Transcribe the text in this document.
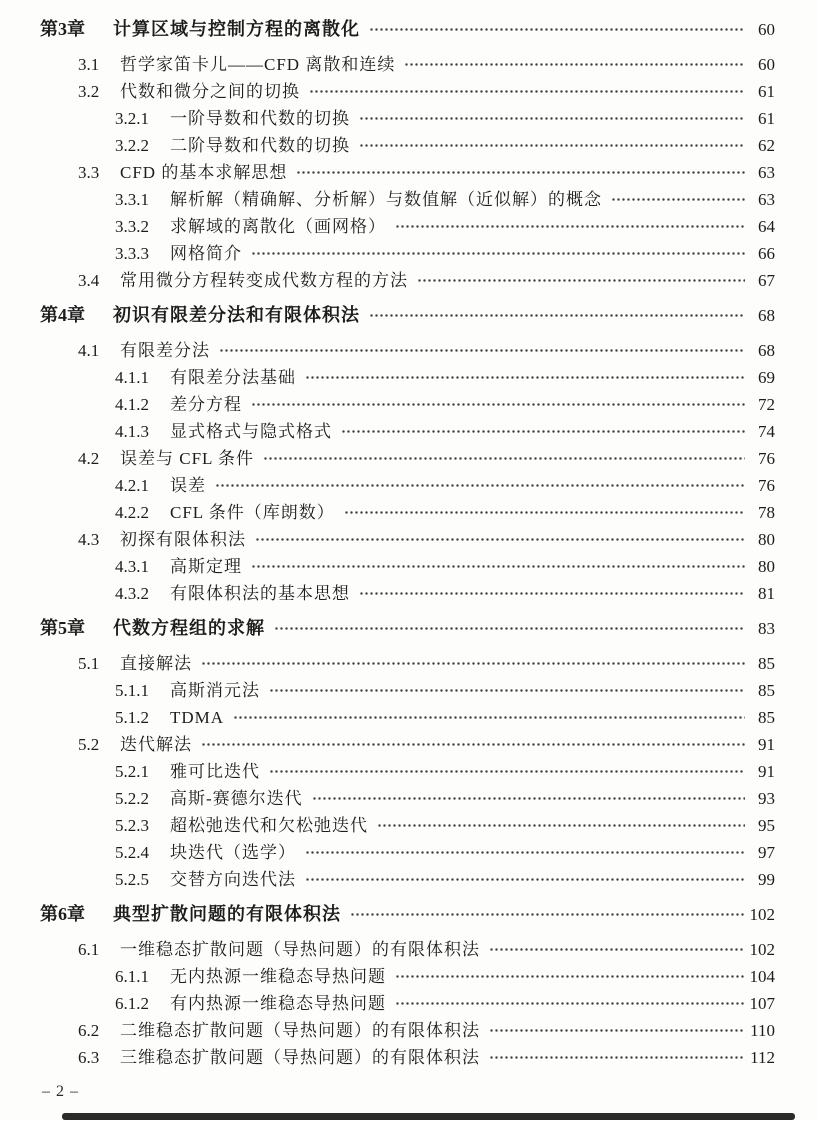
第3章	计算区域与控制方程的离散化	60
3.1	哲学家笛卡儿——CFD 离散和连续	60
3.2	代数和微分之间的切换	61
3.2.1	一阶导数和代数的切换	61
3.2.2	二阶导数和代数的切换	62
3.3	CFD 的基本求解思想	63
3.3.1	解析解（精确解、分析解）与数值解（近似解）的概念	63
3.3.2	求解域的离散化（画网格）	64
3.3.3	网格简介	66
3.4	常用微分方程转变成代数方程的方法	67
第4章	初识有限差分法和有限体积法	68
4.1	有限差分法	68
4.1.1	有限差分法基础	69
4.1.2	差分方程	72
4.1.3	显式格式与隐式格式	74
4.2	误差与 CFL 条件	76
4.2.1	误差	76
4.2.2	CFL 条件（库朗数）	78
4.3	初探有限体积法	80
4.3.1	高斯定理	80
4.3.2	有限体积法的基本思想	81
第5章	代数方程组的求解	83
5.1	直接解法	85
5.1.1	高斯消元法	85
5.1.2	TDMA	85
5.2	迭代解法	91
5.2.1	雅可比迭代	91
5.2.2	高斯-赛德尔迭代	93
5.2.3	超松弛迭代和欠松弛迭代	95
5.2.4	块迭代（选学）	97
5.2.5	交替方向迭代法	99
第6章	典型扩散问题的有限体积法	102
6.1	一维稳态扩散问题（导热问题）的有限体积法	102
6.1.1	无内热源一维稳态导热问题	104
6.1.2	有内热源一维稳态导热问题	107
6.2	二维稳态扩散问题（导热问题）的有限体积法	110
6.3	三维稳态扩散问题（导热问题）的有限体积法	112
– 2 –
